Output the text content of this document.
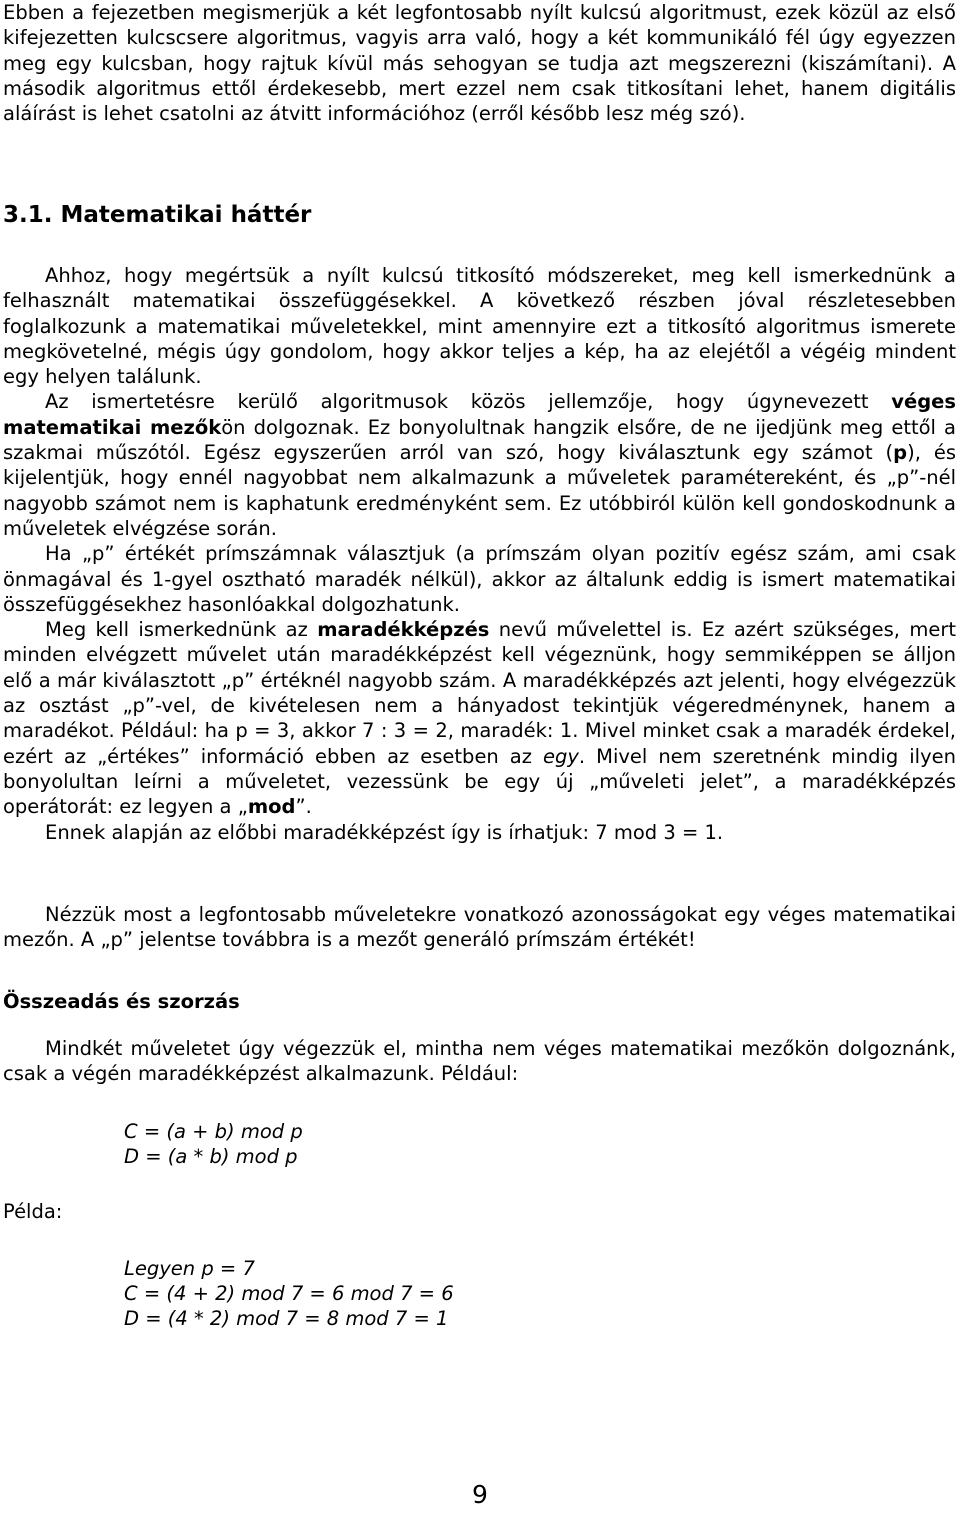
Ebben a fejezetben megismerjük a két legfontosabb nyílt kulcsú algoritmust, ezek közül az első kifejezetten kulcscsere algoritmus, vagyis arra való, hogy a két kommunikáló fél úgy egyezzen meg egy kulcsban, hogy rajtuk kívül más sehogyan se tudja azt megszerezni (kiszámítani). A második algoritmus ettől érdekesebb, mert ezzel nem csak titkosítani lehet, hanem digitális aláírást is lehet csatolni az átvitt információhoz (erről később lesz még szó).

3.1. Matematikai háttér

Ahhoz, hogy megértsük a nyílt kulcsú titkosító módszereket, meg kell ismerkednünk a felhasznált matematikai összefüggésekkel. A következő részben jóval részletesebben foglalkozunk a matematikai műveletekkel, mint amennyire ezt a titkosító algoritmus ismerete megkövetelné, mégis úgy gondolom, hogy akkor teljes a kép, ha az elejétől a végéig mindent egy helyen találunk.

Az ismertetésre kerülő algoritmusok közös jellemzője, hogy úgynevezett véges matematikai mezőkön dolgoznak. Ez bonyolultnak hangzik elsőre, de ne ijedjünk meg ettől a szakmai műszótól. Egész egyszerűen arról van szó, hogy kiválasztunk egy számot (p), és kijelentjük, hogy ennél nagyobbat nem alkalmazunk a műveletek paramétereként, és „p”-nél nagyobb számot nem is kaphatunk eredményként sem. Ez utóbbiról külön kell gondoskodnunk a műveletek elvégzése során.

Ha „p” értékét prímszámnak választjuk (a prímszám olyan pozitív egész szám, ami csak önmagával és 1-gyel osztható maradék nélkül), akkor az általunk eddig is ismert matematikai összefüggésekhez hasonlóakkal dolgozhatunk.

Meg kell ismerkednünk az maradékképzés nevű művelettel is. Ez azért szükséges, mert minden elvégzett művelet után maradékképzést kell végeznünk, hogy semmiképpen se álljon elő a már kiválasztott „p” értéknél nagyobb szám. A maradékképzés azt jelenti, hogy elvégezzük az osztást „p”-vel, de kivételesen nem a hányadost tekintjük végeredménynek, hanem a maradékot. Például: ha p = 3, akkor 7 : 3 = 2, maradék: 1. Mivel minket csak a maradék érdekel, ezért az „értékes” információ ebben az esetben az egy. Mivel nem szeretnénk mindig ilyen bonyolultan leírni a műveletet, vezessünk be egy új „műveleti jelet”, a maradékképzés operátorát: ez legyen a „mod”.

Ennek alapján az előbbi maradékképzést így is írhatjuk: 7 mod 3 = 1.

Nézzük most a legfontosabb műveletekre vonatkozó azonosságokat egy véges matematikai mezőn. A „p” jelentse továbbra is a mezőt generáló prímszám értékét!

Összeadás és szorzás

Mindkét műveletet úgy végezzük el, mintha nem véges matematikai mezőkön dolgoznánk, csak a végén maradékképzést alkalmazunk. Például:

C = (a + b) mod p
D = (a * b) mod p

Példa:

Legyen p = 7
C = (4 + 2) mod 7 = 6 mod 7 = 6
D = (4 * 2) mod 7 = 8 mod 7 = 1

9
